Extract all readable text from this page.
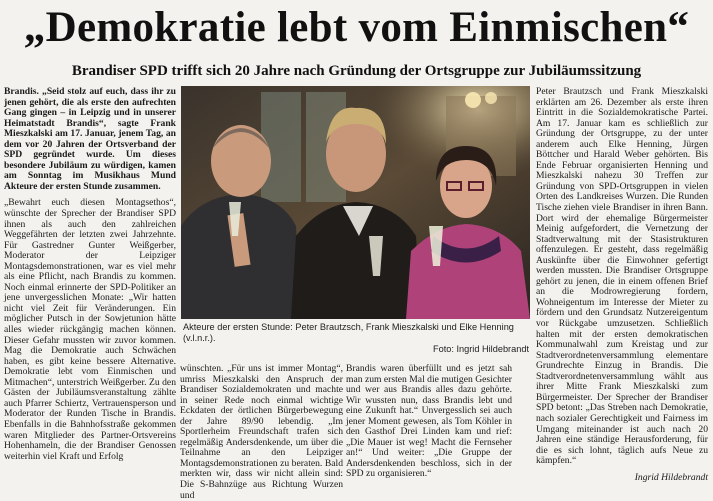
„Demokratie lebt vom Einmischen“
Brandiser SPD trifft sich 20 Jahre nach Gründung der Ortsgruppe zur Jubiläumssitzung

Brandis. „Seid stolz auf euch, dass ihr zu jenen gehört, die als erste den aufrechten Gang gingen – in Leipzig und in unserer Heimatstadt Brandis“, sagte Frank Mieszkalski am 17. Januar, jenem Tag, an dem vor 20 Jahren der Ortsverband der SPD gegründet wurde. Um dieses besondere Jubiläum zu würdigen, kamen am Sonntag im Musikhaus Mund Akteure der ersten Stunde zusammen.

„Bewahrt euch diesen Montagsethos“, wünschte der Sprecher der Brandiser SPD ihnen als auch den zahlreichen Weggefährten der letzten zwei Jahrzehnte. Für Gastredner Gunter Weißgerber, Moderator der Leipziger Montagsdemonstrationen, war es viel mehr als eine Pflicht, nach Brandis zu kommen. Noch einmal erinnerte der SPD-Politiker an jene unvergesslichen Monate: „Wir hatten nicht viel Zeit für Veränderungen. Ein möglicher Putsch in der Sowjetunion hätte alles wieder rückgängig machen können. Dieser Gefahr mussten wir zuvor kommen. Mag die Demokratie auch Schwächen haben, es gibt keine bessere Alternative. Demokratie lebt vom Einmischen und Mitmachen“, unterstrich Weißgerber. Zu den Gästen der Jubiläumsveranstaltung zählte auch Pfarrer Schiertz, Vertrauensperson und Moderator der Runden Tische in Brandis. Ebenfalls in die Bahnhofsstraße gekommen waren Mitglieder des Partner-Ortsvereins Hohenhameln, die der Brandiser Genossen weiterhin viel Kraft und Erfolg

Akteure der ersten Stunde: Peter Brautzsch, Frank Mieszkalski und Elke Henning (v.l.n.r.).
Foto: Ingrid Hildebrandt

wünschten. „Für uns ist immer Montag“, umriss Mieszkalski den Anspruch der Brandiser Sozialdemokraten und machte in seiner Rede noch einmal wichtige Eckdaten der örtlichen Bürgerbewegung der Jahre 89/90 lebendig. „Im Sportlerheim Freundschaft trafen sich regelmäßig Andersdenkende, um über die Teilnahme an den Leipziger Montagsdemonstrationen zu beraten. Bald merkten wir, dass wir nicht allein sind: Die S-Bahnzüge aus Richtung Wurzen und

Brandis waren überfüllt und es jetzt sah man zum ersten Mal die mutigen Gesichter und wer aus Brandis alles dazu gehörte. Wir wussten nun, dass Brandis lebt und eine Zukunft hat.“ Unvergesslich sei auch jener Moment gewesen, als Tom Köhler in den Gasthof Drei Linden kam und rief: „Die Mauer ist weg! Macht die Fernseher an!“ Und weiter: „Die Gruppe der Andersdenkenden beschloss, sich in der SPD zu organisieren.“

Peter Brautzsch und Frank Mieszkalski erklärten am 26. Dezember als erste ihren Eintritt in die Sozialdemokratische Partei. Am 17. Januar kam es schließlich zur Gründung der Ortsgruppe, zu der unter anderem auch Elke Henning, Jürgen Böttcher und Harald Weber gehörten. Bis Ende Februar organisierten Henning und Mieszkalski nahezu 30 Treffen zur Gründung von SPD-Ortsgruppen in vielen Orten des Landkreises Wurzen. Die Runden Tische ziehen viele Brandiser in ihren Bann. Dort wird der ehemalige Bürgermeister Meinig aufgefordert, die Vernetzung der Stadtverwaltung mit der Stasistrukturen offenzulegen. Er gesteht, dass regelmäßig Auskünfte über die Einwohner gefertigt werden mussten. Die Brandiser Ortsgruppe gehört zu jenen, die in einem offenen Brief an die Modrowregierung fordern, Wohneigentum im Interesse der Mieter zu fördern und den Grundsatz Nutzereigentum vor Rückgabe umzusetzen. Schließlich halten mit der ersten demokratischen Kommunalwahl zum Kreistag und zur Stadtverordnetenversammlung elementare Grundrechte Einzug in Brandis. Die Stadtverordnetenversammlung wählt aus ihrer Mitte Frank Mieszkalski zum Bürgermeister. Der Sprecher der Brandiser SPD betont: „Das Streben nach Demokratie, nach sozialer Gerechtigkeit und Fairness im Umgang miteinander ist auch nach 20 Jahren eine ständige Herausforderung, für die es sich lohnt, täglich aufs Neue zu kämpfen.“

Ingrid Hildebrandt
